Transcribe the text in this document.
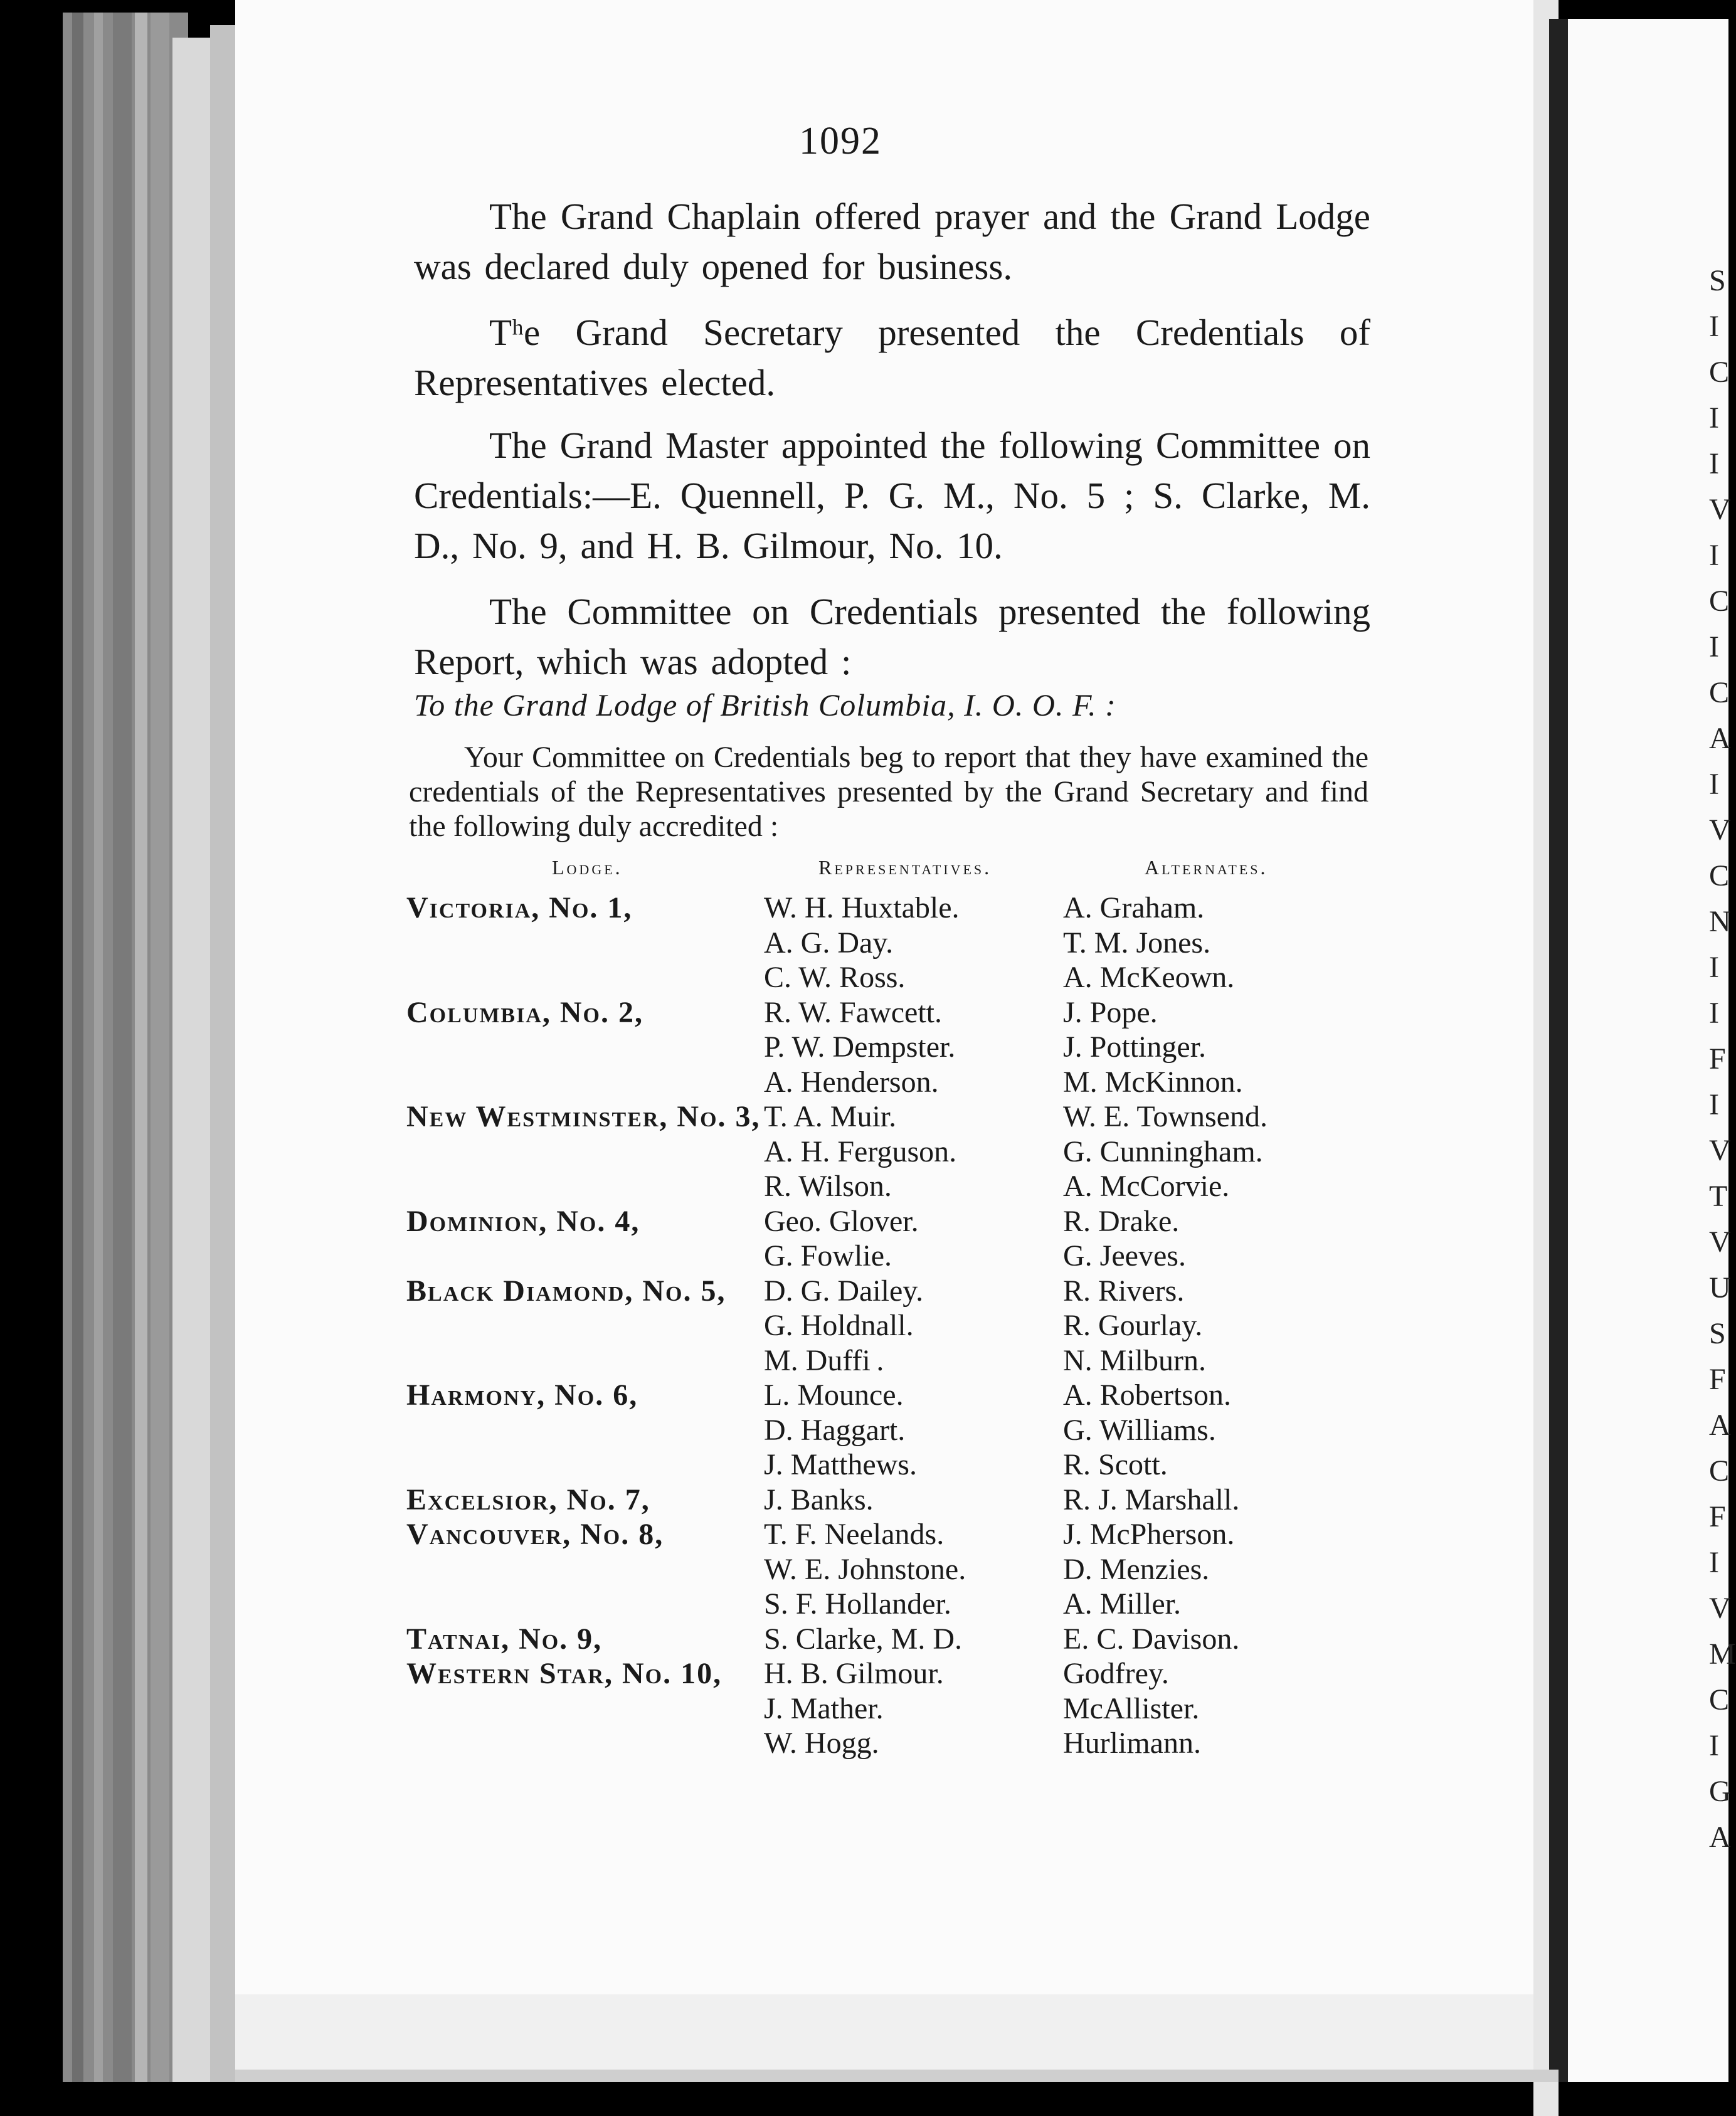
1092

The Grand Chaplain offered prayer and the Grand Lodge was declared duly opened for business.

Tʰe Grand Secretary presented the Credentials of Representatives elected.

The Grand Master appointed the following Committee on Credentials:—E. Quennell, P. G. M., No. 5 ; S. Clarke, M. D., No. 9, and H. B. Gilmour, No. 10.

The Committee on Credentials presented the following Report, which was adopted :

To the Grand Lodge of British Columbia, I. O. O. F. :

Your Committee on Credentials beg to report that they have examined the credentials of the Representatives presented by the Grand Secretary and find the following duly accredited :

Lodge.	Representatives.	Alternates.
Victoria, No. 1,	W. H. Huxtable.	A. Graham.
A. G. Day.	T. M. Jones.
C. W. Ross.	A. McKeown.
Columbia, No. 2,	R. W. Fawcett.	J. Pope.
P. W. Dempster.	J. Pottinger.
A. Henderson.	M. McKinnon.
New Westminster, No. 3, T. A. Muir.	W. E. Townsend.
A. H. Ferguson.	G. Cunningham.
R. Wilson.	A. McCorvie.
Dominion, No. 4,	Geo. Glover.	R. Drake.
G. Fowlie.	G. Jeeves.
Black Diamond, No. 5, D. G. Dailey.	R. Rivers.
G. Holdnall.	R. Gourlay.
M. Duffi .	N. Milburn.
Harmony, No. 6,	L. Mounce.	A. Robertson.
D. Haggart.	G. Williams.
J. Matthews.	R. Scott.
Excelsior, No. 7,	J. Banks.	R. J. Marshall.
Vancouver, No. 8,	T. F. Neelands.	J. McPherson.
W. E. Johnstone.	D. Menzies.
S. F. Hollander.	A. Miller.
Tatnai, No. 9,	S. Clarke, M. D.	E. C. Davison.
Western Star, No. 10, H. B. Gilmour.	Godfrey.
J. Mather.	McAllister.
W. Hogg.	Hurlimann.
S
I
C
I
I
V
I
C
I
C
A
I
V
C
N
I
I
F
I
V
T
V
U
S
F
A
C
F
I
V
M
C
I
G
A
